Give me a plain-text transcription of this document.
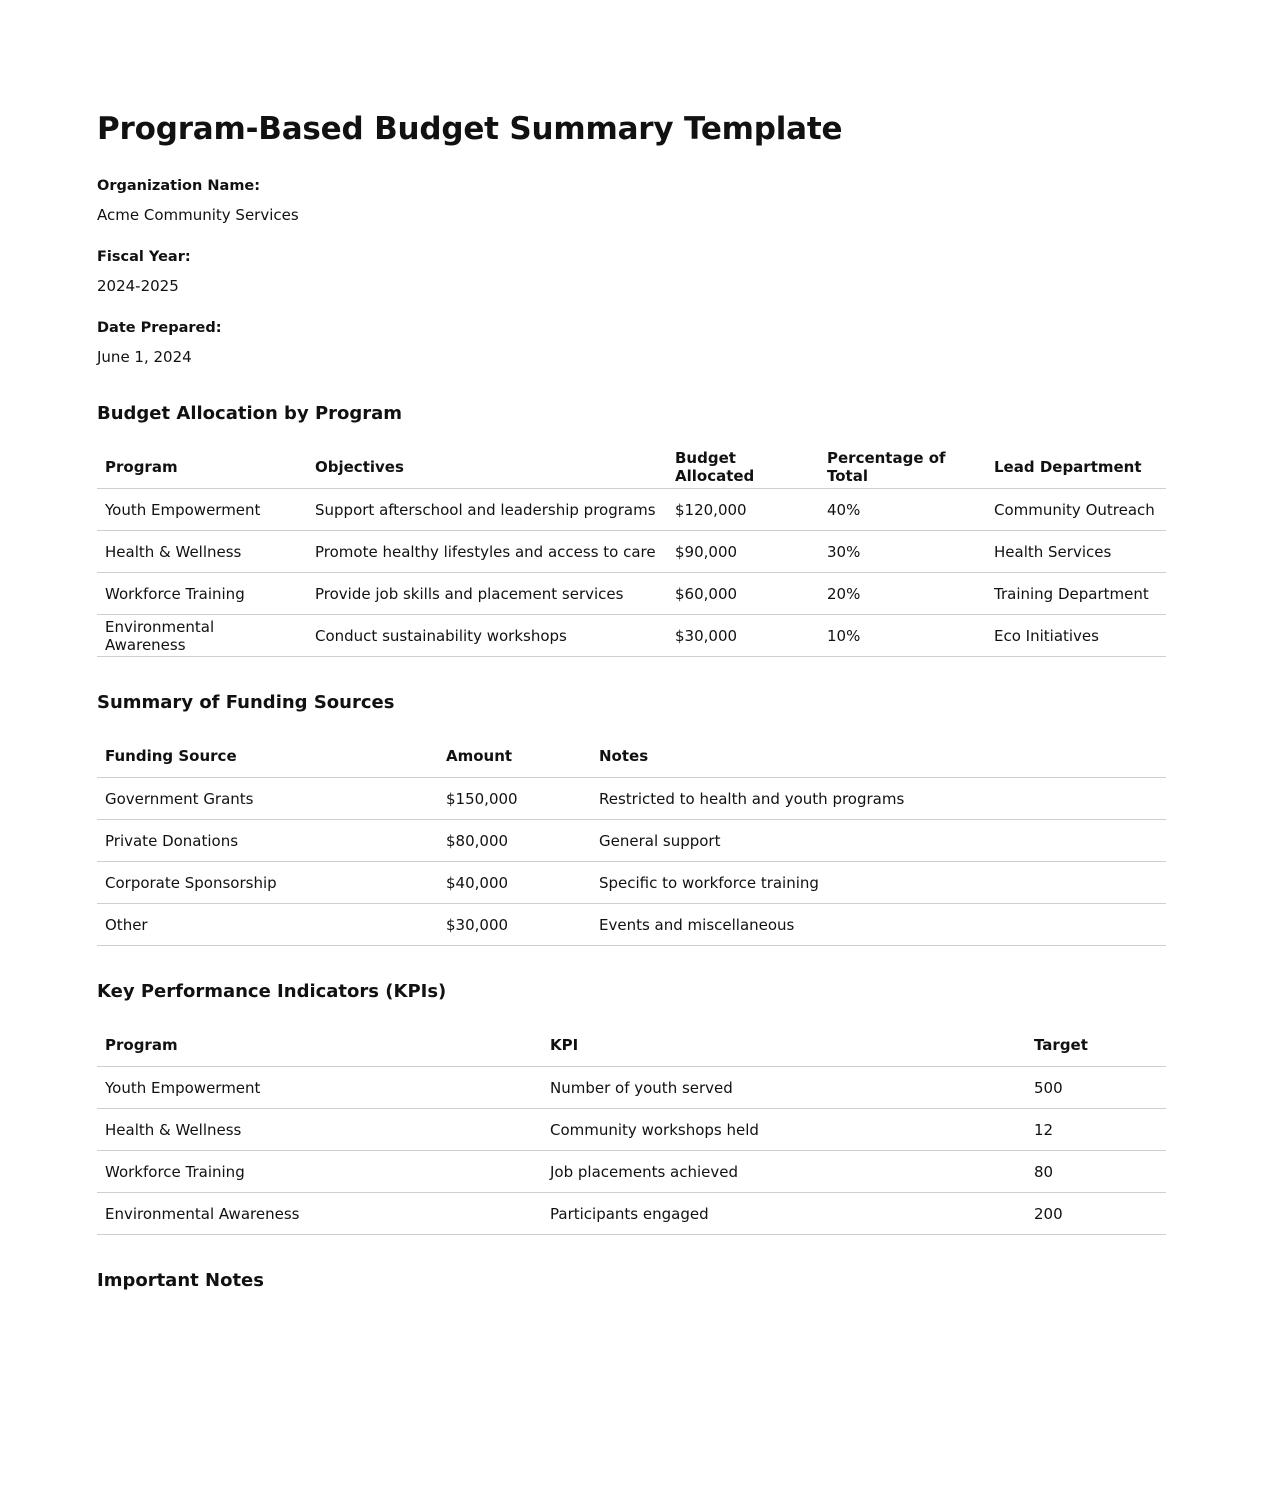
Program-Based Budget Summary Template
Organization Name:
Acme Community Services
Fiscal Year:
2024-2025
Date Prepared:
June 1, 2024
Budget Allocation by Program
Program	Objectives	Budget Allocated	Percentage of Total	Lead Department
Youth Empowerment	Support afterschool and leadership programs	$120,000	40%	Community Outreach
Health & Wellness	Promote healthy lifestyles and access to care	$90,000	30%	Health Services
Workforce Training	Provide job skills and placement services	$60,000	20%	Training Department
Environmental Awareness	Conduct sustainability workshops	$30,000	10%	Eco Initiatives
Summary of Funding Sources
Funding Source	Amount	Notes
Government Grants	$150,000	Restricted to health and youth programs
Private Donations	$80,000	General support
Corporate Sponsorship	$40,000	Specific to workforce training
Other	$30,000	Events and miscellaneous
Key Performance Indicators (KPIs)
Program	KPI	Target
Youth Empowerment	Number of youth served	500
Health & Wellness	Community workshops held	12
Workforce Training	Job placements achieved	80
Environmental Awareness	Participants engaged	200
Important Notes
